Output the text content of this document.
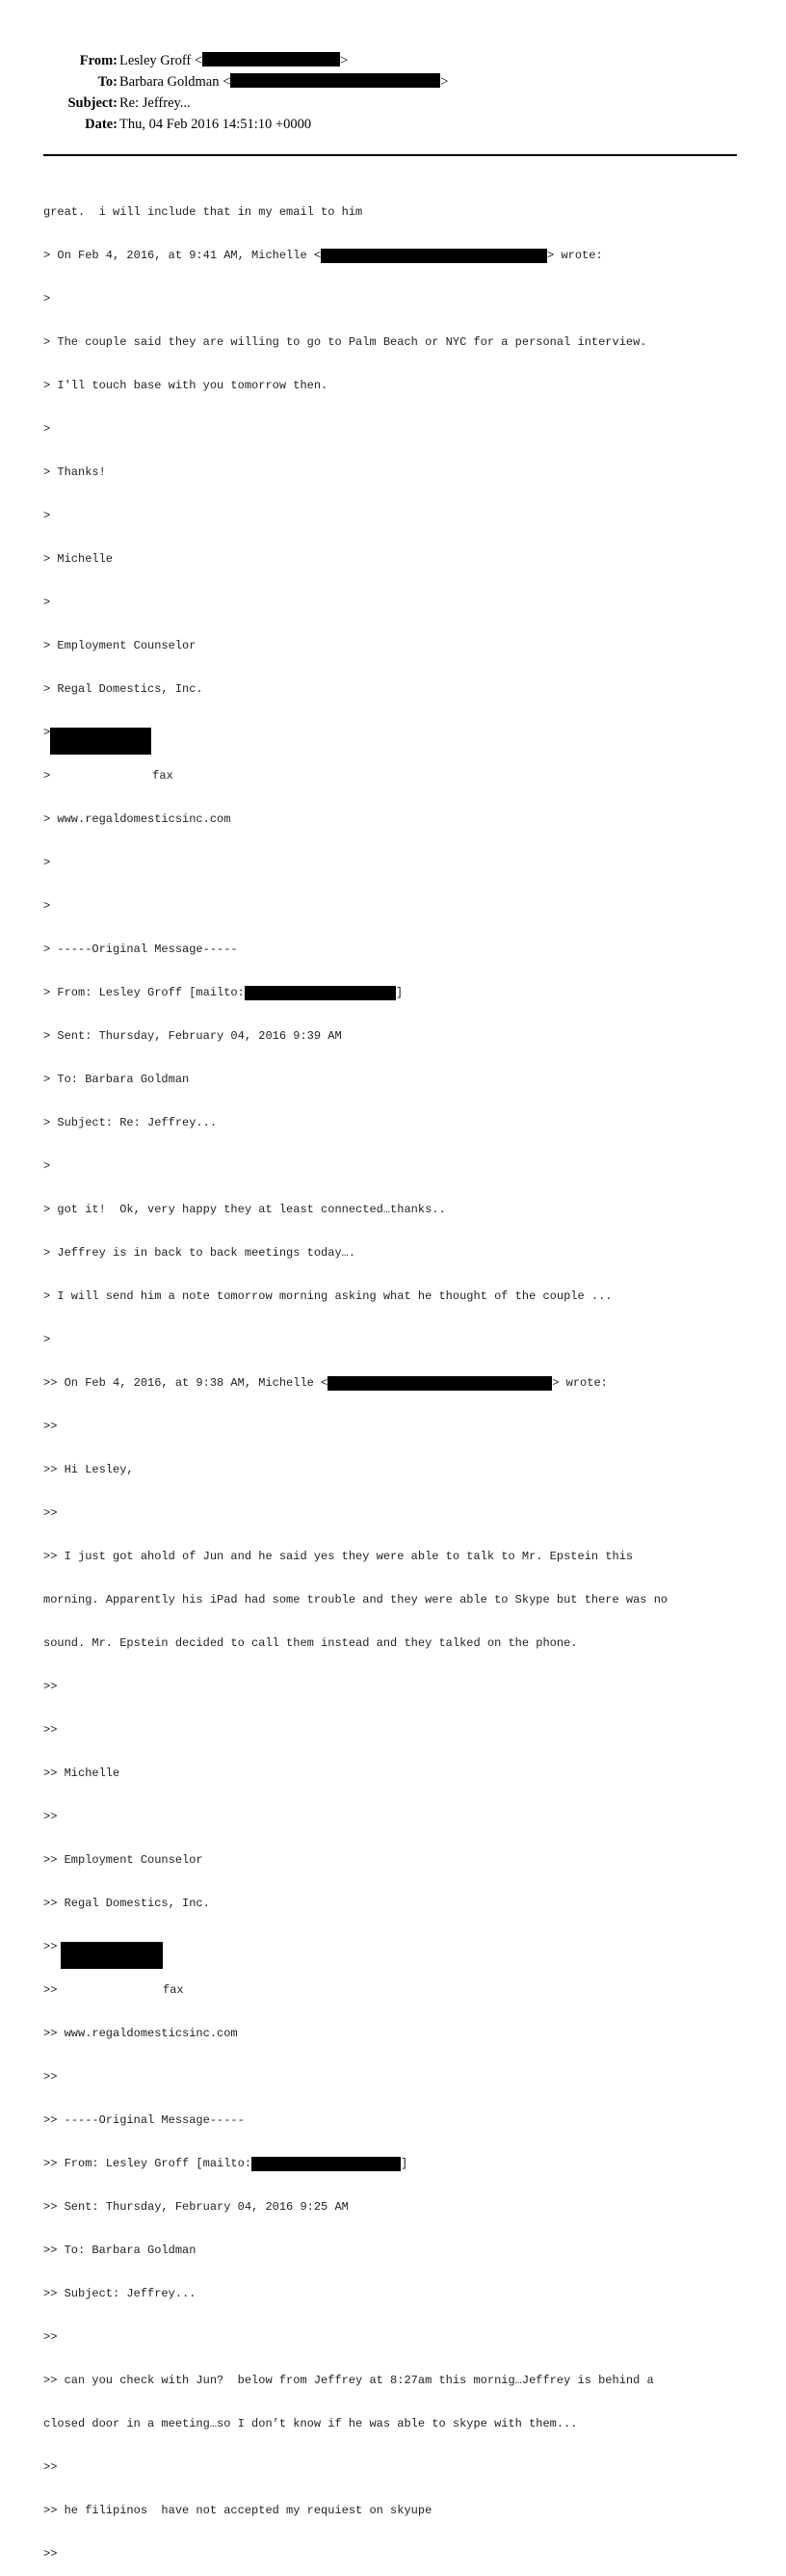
From: Lesley Groff <	>
To: Barbara Goldman <	>
Subject: Re: Jeffrey...
Date: Thu, 04 Feb 2016 14:51:10 +0000

great.  i will include that in my email to him

> On Feb 4, 2016, at 9:41 AM, Michelle <	> wrote:

>

> The couple said they are willing to go to Palm Beach or NYC for a personal interview.

> I'll touch base with you tomorrow then.

>

> Thanks!

>

> Michelle

>

> Employment Counselor

> Regal Domestics, Inc.

>

>	fax

> www.regaldomesticsinc.com

>

>

> -----Original Message-----

> From: Lesley Groff [mailto:	]

> Sent: Thursday, February 04, 2016 9:39 AM

> To: Barbara Goldman

> Subject: Re: Jeffrey...

>

> got it!  Ok, very happy they at least connected…thanks..

> Jeffrey is in back to back meetings today….

> I will send him a note tomorrow morning asking what he thought of the couple ...

>

>> On Feb 4, 2016, at 9:38 AM, Michelle <	> wrote:

>>

>> Hi Lesley,

>>

>> I just got ahold of Jun and he said yes they were able to talk to Mr. Epstein this

morning. Apparently his iPad had some trouble and they were able to Skype but there was no

sound. Mr. Epstein decided to call them instead and they talked on the phone.

>>

>>

>> Michelle

>>

>> Employment Counselor

>> Regal Domestics, Inc.

>>

>>	fax

>> www.regaldomesticsinc.com

>>

>> -----Original Message-----

>> From: Lesley Groff [mailto:	]

>> Sent: Thursday, February 04, 2016 9:25 AM

>> To: Barbara Goldman

>> Subject: Jeffrey...

>>

>> can you check with Jun?  below from Jeffrey at 8:27am this mornig…Jeffrey is behind a

closed door in a meeting…so I don’t know if he was able to skype with them...

>>

>> he filipinos  have not accepted my requiest on skyupe

>>
